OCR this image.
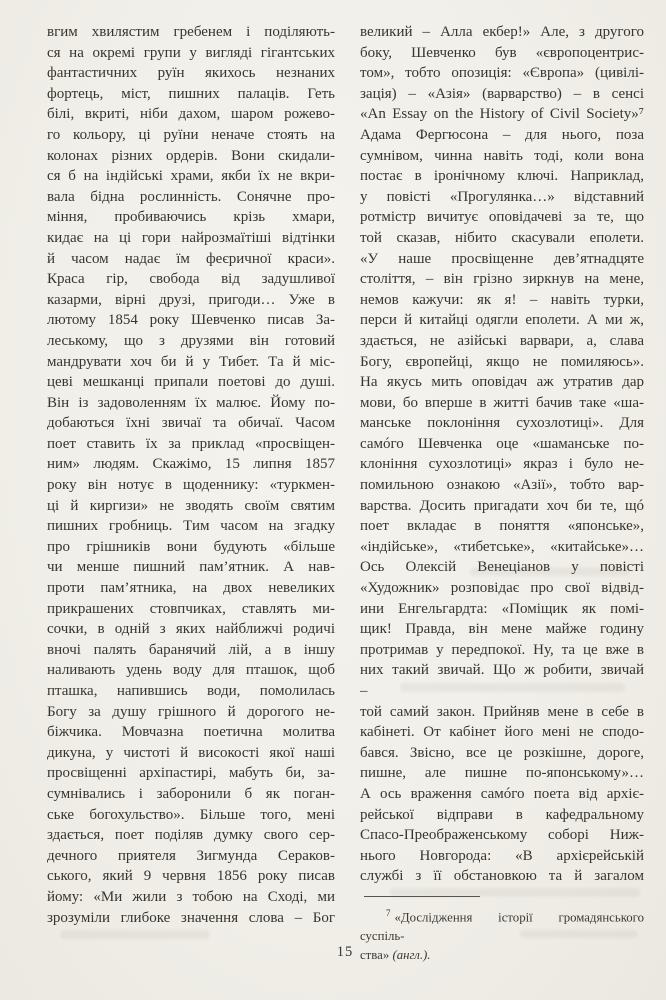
вгим хвилястим гребенем і поділяють-
ся на окремі групи у вигляді гігантських
фантастичних руїн якихось незнаних
фортець, міст, пишних палаців. Геть
білі, вкриті, ніби дахом, шаром рожево-
го кольору, ці руїни неначе стоять на
колонах різних ордерів. Вони скидали-
ся б на індійські храми, якби їх не вкри-
вала бідна рослинність. Сонячне про-
міння, пробиваючись крізь хмари,
кидає на ці гори найрозмаїтіші відтінки
й часом надає їм феєричної краси».
Краса гір, свобода від задушливої
казарми, вірні друзі, пригоди… Уже в
лютому 1854 року Шевченко писав За-
леському, що з друзями він готовий
мандрувати хоч би й у Тибет. Та й міс-
цеві мешканці припали поетові до душі.
Він із задоволенням їх малює. Йому по-
добаються їхні звичаї та обичаї. Часом
поет ставить їх за приклад «просвіщен-
ним» людям. Скажімо, 15 липня 1857
року він нотує в щоденнику: «туркмен-
ці й киргизи» не зводять своїм святим
пишних гробниць. Тим часом на згадку
про грішників вони будують «більше
чи менше пишний пам’ятник. А нав-
проти пам’ятника, на двох невеликих
прикрашених стовпчиках, ставлять ми-
сочки, в одній з яких найближчі родичі
вночі палять баранячий лій, а в іншу
наливають удень воду для пташок, щоб
пташка, напившись води, помолилась
Богу за душу грішного й дорогого не-
біжчика. Мовчазна поетична молитва
дикуна, у чистоті й високості якої наші
просвіщенні архіпастирі, мабуть би, за-
сумнівались і заборонили б як поган-
ське богохульство». Більше того, мені
здається, поет поділяв думку свого сер-
дечного приятеля Зигмунда Сераков-
ського, який 9 червня 1856 року писав
йому: «Ми жили з тобою на Сході, ми
зрозуміли глибоке значення слова – Бог
великий – Алла екбер!» Але, з другого
боку, Шевченко був «європоцентрис-
том», тобто опозиція: «Європа» (цивілі-
зація) – «Азія» (варварство) – в сенсі
«An Essay on the History of Civil Society»⁷
Адама Фергюсона – для нього, поза
сумнівом, чинна навіть тоді, коли вона
постає в іронічному ключі. Наприклад,
у повісті «Прогулянка…» відставний
ротмістр вичитує оповідачеві за те, що
той сказав, нібито скасували еполети.
«У наше просвіщенне дев’ятнадцяте
століття, – він грізно зиркнув на мене,
немов кажучи: як я! – навіть турки,
перси й китайці одягли еполети. А ми ж,
здається, не азійські варвари, а, слава
Богу, європейці, якщо не помиляюсь».
На якусь мить оповідач аж утратив дар
мови, бо вперше в житті бачив таке «ша-
манське поклоніння сухозлотиці». Для
самóго Шевченка оце «шаманське по-
клоніння сухозлотиці» якраз і було не-
помильною ознакою «Азії», тобто вар-
варства. Досить пригадати хоч би те, щó
поет вкладає в поняття «японське»,
«індійське», «тибетське», «китайське»…
Ось Олексій Венеціанов у повісті
«Художник» розповідає про свої відвід-
ини Енгельгардта: «Поміщик як помі-
щик! Правда, він мене майже годину
протримав у передпокої. Ну, та це вже в
них такий звичай. Що ж робити, звичай
–
той самий закон. Прийняв мене в себе в
кабінеті. От кабінет його мені не сподо-
бався. Звісно, все це розкішне, дороге,
пишне, але пишне по-японському»…
А ось враження самóго поета від архіє-
рейської відправи в кафедральному
Спасо-Преображенському соборі Ниж-
нього Новгорода: «В архієрейській
службі з її обстановкою та й загалом
$^7$ «Дослідження історії громадянського суспіль-
ства» (англ.).
15
